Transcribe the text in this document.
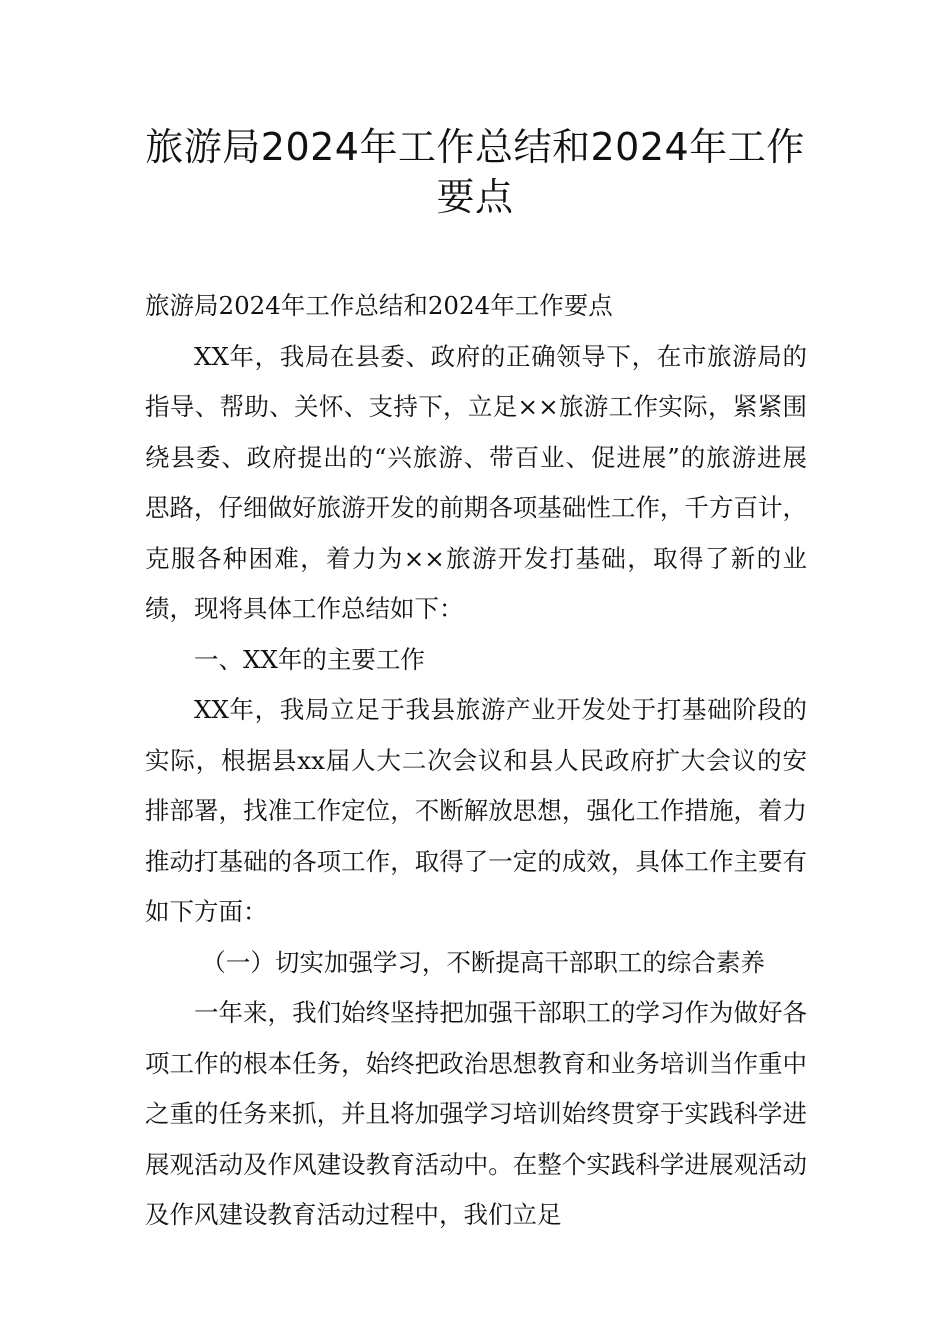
旅游局2024年工作总结和2024年工作要点

旅游局2024年工作总结和2024年工作要点

XX年，我局在县委、政府的正确领导下，在市旅游局的指导、帮助、关怀、支持下，立足××旅游工作实际，紧紧围绕县委、政府提出的“兴旅游、带百业、促进展”的旅游进展思路，仔细做好旅游开发的前期各项基础性工作，千方百计，克服各种困难，着力为××旅游开发打基础，取得了新的业绩，现将具体工作总结如下：

一、XX年的主要工作

XX年，我局立足于我县旅游产业开发处于打基础阶段的实际，根据县xx届人大二次会议和县人民政府扩大会议的安排部署，找准工作定位，不断解放思想，强化工作措施，着力推动打基础的各项工作，取得了一定的成效，具体工作主要有如下方面：

（一）切实加强学习，不断提高干部职工的综合素养

一年来，我们始终坚持把加强干部职工的学习作为做好各项工作的根本任务，始终把政治思想教育和业务培训当作重中之重的任务来抓，并且将加强学习培训始终贯穿于实践科学进展观活动及作风建设教育活动中。在整个实践科学进展观活动及作风建设教育活动过程中，我们立足
